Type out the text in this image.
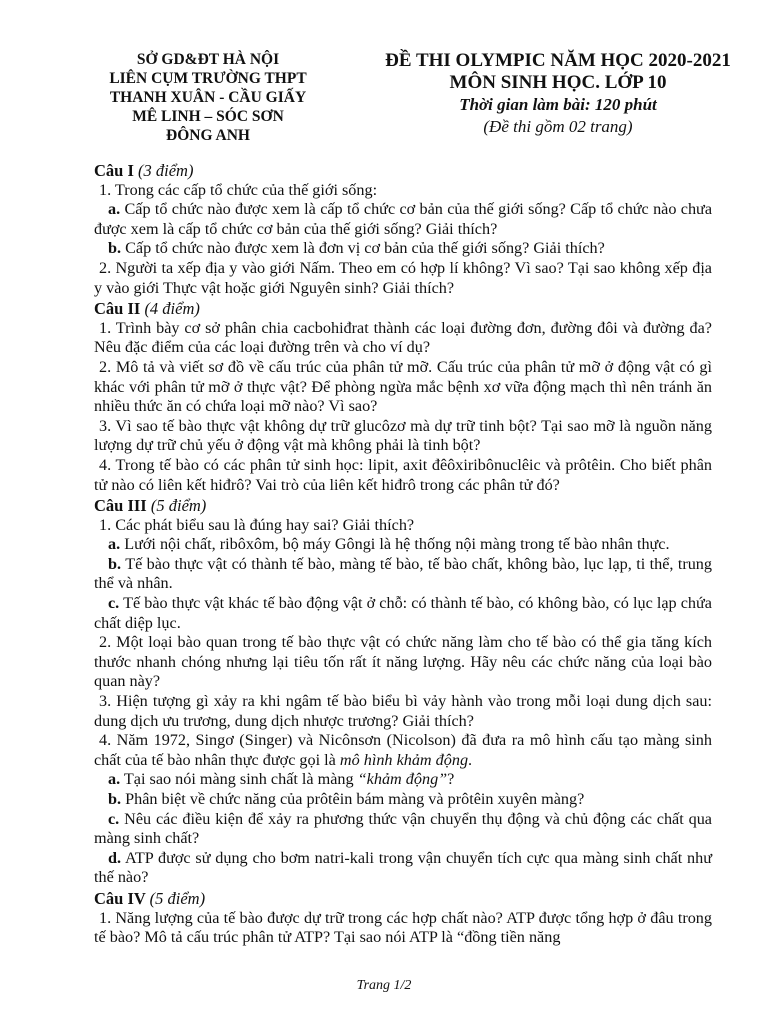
SỞ GD&ĐT HÀ NỘI
LIÊN CỤM TRƯỜNG THPT
THANH XUÂN - CẦU GIẤY
MÊ LINH – SÓC SƠN
ĐÔNG ANH
ĐỀ THI OLYMPIC NĂM HỌC 2020-2021
MÔN SINH HỌC. LỚP 10
Thời gian làm bài: 120 phút
(Đề thi gồm 02 trang)
Câu I (3 điểm)

1. Trong các cấp tổ chức của thế giới sống:

a. Cấp tổ chức nào được xem là cấp tổ chức cơ bản của thế giới sống? Cấp tổ chức nào chưa được xem là cấp tổ chức cơ bản của thế giới sống? Giải thích?

b. Cấp tổ chức nào được xem là đơn vị cơ bản của thế giới sống? Giải thích?

2. Người ta xếp địa y vào giới Nấm. Theo em có hợp lí không? Vì sao? Tại sao không xếp địa y vào giới Thực vật hoặc giới Nguyên sinh? Giải thích?

Câu II (4 điểm)

1. Trình bày cơ sở phân chia cacbohiđrat thành các loại đường đơn, đường đôi và đường đa? Nêu đặc điểm của các loại đường trên và cho ví dụ?

2. Mô tả và viết sơ đồ về cấu trúc của phân tử mỡ. Cấu trúc của phân tử mỡ ở động vật có gì khác với phân tử mỡ ở thực vật? Để phòng ngừa mắc bệnh xơ vữa động mạch thì nên tránh ăn nhiều thức ăn có chứa loại mỡ nào? Vì sao?

3. Vì sao tế bào thực vật không dự trữ glucôzơ mà dự trữ tinh bột? Tại sao mỡ là nguồn năng lượng dự trữ chủ yếu ở động vật mà không phải là tinh bột?

4. Trong tế bào có các phân tử sinh học: lipit, axit đêôxiribônuclêic và prôtêin. Cho biết phân tử nào có liên kết hiđrô? Vai trò của liên kết hiđrô trong các phân tử đó?

Câu III (5 điểm)

1. Các phát biểu sau là đúng hay sai? Giải thích?

a. Lưới nội chất, ribôxôm, bộ máy Gôngi là hệ thống nội màng trong tế bào nhân thực.

b. Tế bào thực vật có thành tế bào, màng tế bào, tế bào chất, không bào, lục lạp, ti thể, trung thể và nhân.

c. Tế bào thực vật khác tế bào động vật ở chỗ: có thành tế bào, có không bào, có lục lạp chứa chất diệp lục.

2. Một loại bào quan trong tế bào thực vật có chức năng làm cho tế bào có thể gia tăng kích thước nhanh chóng nhưng lại tiêu tốn rất ít năng lượng. Hãy nêu các chức năng của loại bào quan này?

3. Hiện tượng gì xảy ra khi ngâm tế bào biểu bì vảy hành vào trong mỗi loại dung dịch sau: dung dịch ưu trương, dung dịch nhược trương? Giải thích?

4. Năm 1972, Singơ (Singer) và Nicônsơn (Nicolson) đã đưa ra mô hình cấu tạo màng sinh chất của tế bào nhân thực được gọi là mô hình khảm động.

a. Tại sao nói màng sinh chất là màng “khảm động”?

b. Phân biệt về chức năng của prôtêin bám màng và prôtêin xuyên màng?

c. Nêu các điều kiện để xảy ra phương thức vận chuyển thụ động và chủ động các chất qua màng sinh chất?

d. ATP được sử dụng cho bơm natri-kali trong vận chuyển tích cực qua màng sinh chất như thế nào?

Câu IV (5 điểm)

1. Năng lượng của tế bào được dự trữ trong các hợp chất nào? ATP được tổng hợp ở đâu trong tế bào? Mô tả cấu trúc phân tử ATP? Tại sao nói ATP là “đồng tiền năng

Trang 1/2
